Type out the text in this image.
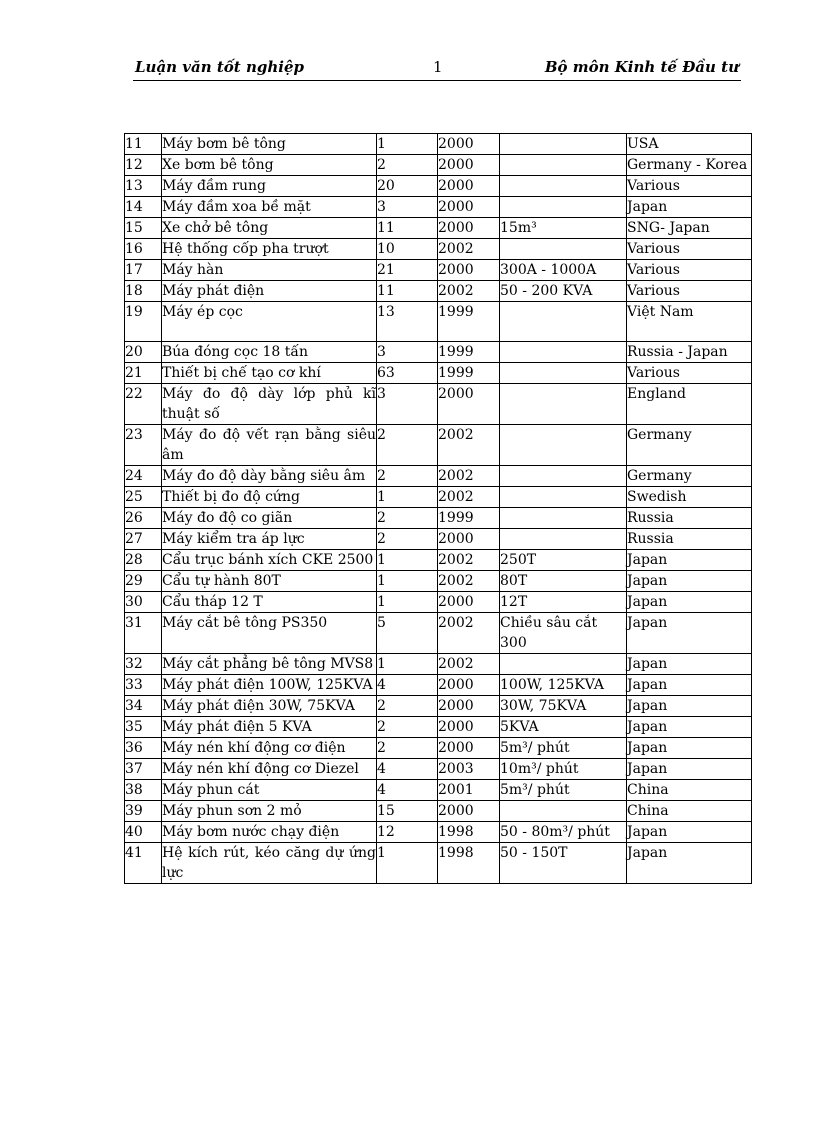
Luận văn tốt nghiệp	1	Bộ môn Kinh tế Đầu tư
11	Máy bơm bê tông	1	2000		USA
12	Xe bơm bê tông	2	2000		Germany - Korea
13	Máy đầm rung	20	2000		Various
14	Máy đầm xoa bề mặt	3	2000		Japan
15	Xe chở bê tông	11	2000	15m³	SNG- Japan
16	Hệ thống cốp pha trượt	10	2002		Various
17	Máy hàn	21	2000	300A - 1000A	Various
18	Máy phát điện	11	2002	50 - 200 KVA	Various
19	Máy ép cọc	13	1999		Việt Nam
20	Búa đóng cọc 18 tấn	3	1999		Russia - Japan
21	Thiết bị chế tạo cơ khí	63	1999		Various
22	Máy đo độ dày lớp phủ kĩ thuật số	3	2000		England
23	Máy đo độ vết rạn bằng siêu âm	2	2002		Germany
24	Máy đo độ dày bằng siêu âm	2	2002		Germany
25	Thiết bị đo độ cứng	1	2002		Swedish
26	Máy đo độ co giãn	2	1999		Russia
27	Máy kiểm tra áp lực	2	2000		Russia
28	Cẩu trục bánh xích CKE 2500	1	2002	250T	Japan
29	Cẩu tự hành 80T	1	2002	80T	Japan
30	Cẩu tháp 12 T	1	2000	12T	Japan
31	Máy cắt bê tông PS350	5	2002	Chiều sâu cắt 300	Japan
32	Máy cắt phẳng bê tông MVS8	1	2002		Japan
33	Máy phát điện 100W, 125KVA	4	2000	100W, 125KVA	Japan
34	Máy phát điện 30W, 75KVA	2	2000	30W, 75KVA	Japan
35	Máy phát điện 5 KVA	2	2000	5KVA	Japan
36	Máy nén khí động cơ điện	2	2000	5m³/ phút	Japan
37	Máy nén khí động cơ Diezel	4	2003	10m³/ phút	Japan
38	Máy phun cát	4	2001	5m³/ phút	China
39	Máy phun sơn 2 mỏ	15	2000		China
40	Máy bơm nước chạy điện	12	1998	50 - 80m³/ phút	Japan
41	Hệ kích rút, kéo căng dự ứng lực	1	1998	50 - 150T	Japan
